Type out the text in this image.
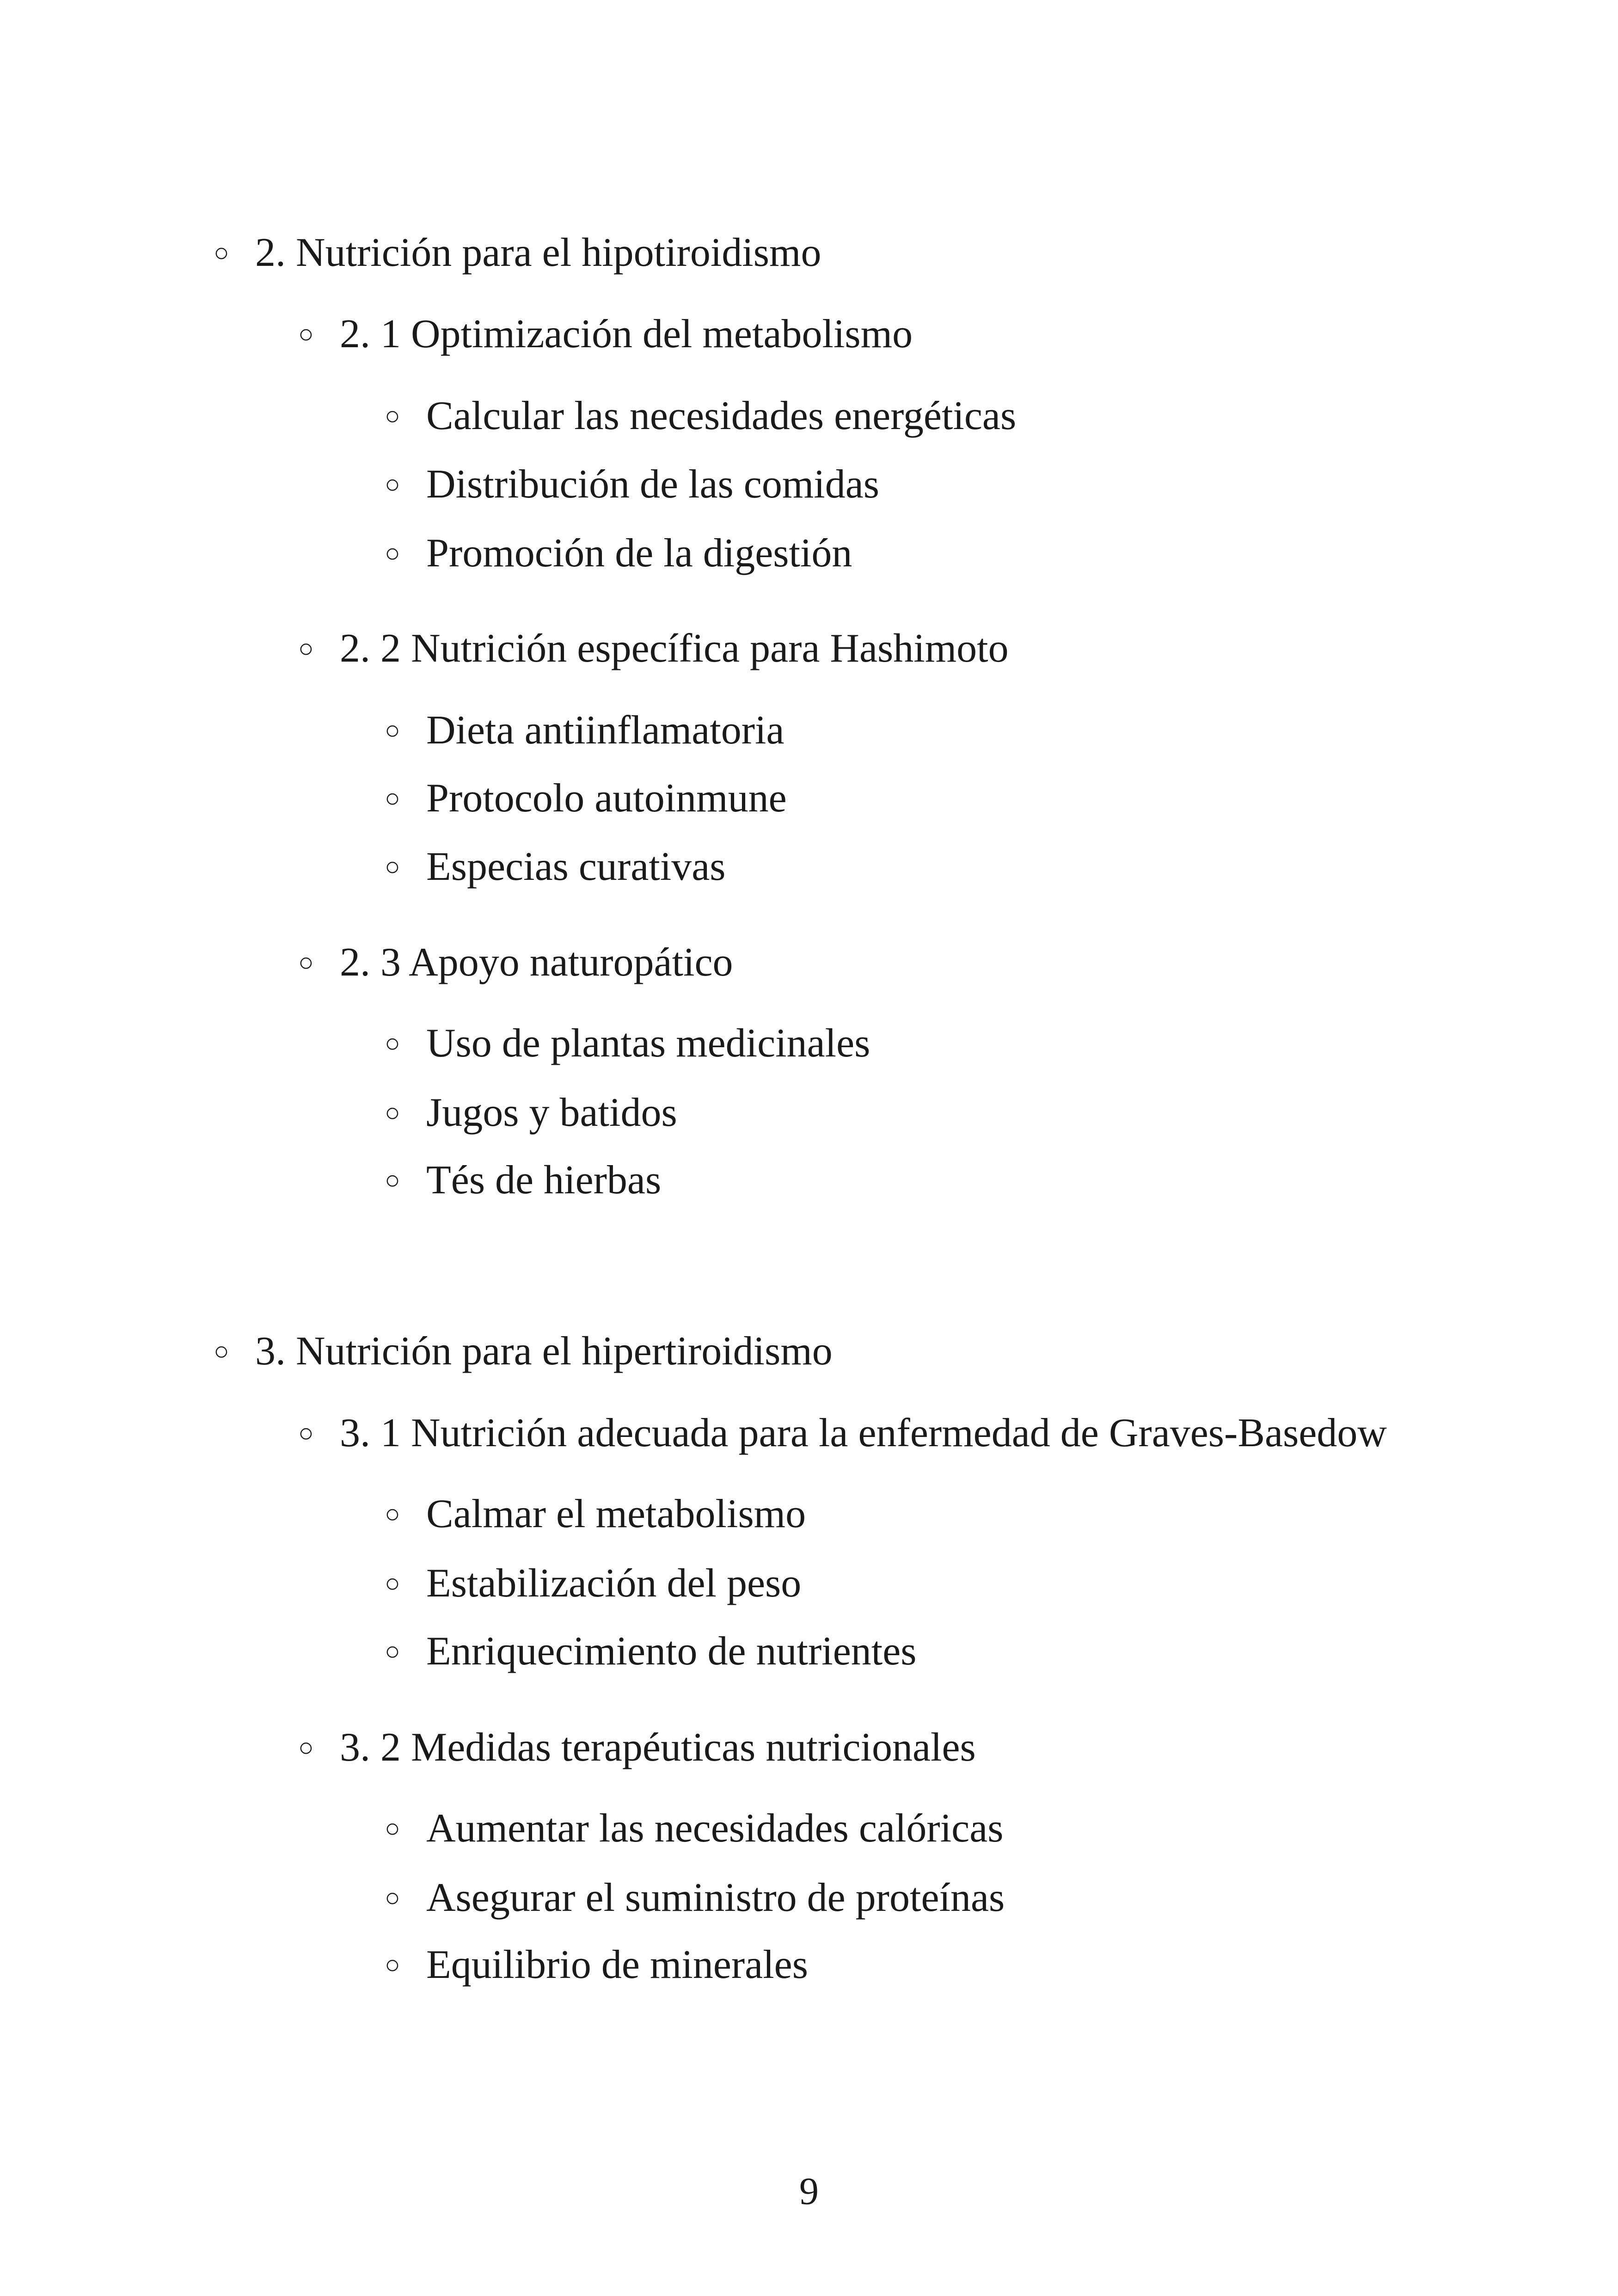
○ 2. Nutrición para el hipotiroidismo
○ 2. 1 Optimización del metabolismo
○ Calcular las necesidades energéticas
○ Distribución de las comidas
○ Promoción de la digestión
○ 2. 2 Nutrición específica para Hashimoto
○ Dieta antiinflamatoria
○ Protocolo autoinmune
○ Especias curativas
○ 2. 3 Apoyo naturopático
○ Uso de plantas medicinales
○ Jugos y batidos
○ Tés de hierbas
○ 3. Nutrición para el hipertiroidismo
○ 3. 1 Nutrición adecuada para la enfermedad de Graves-Basedow
○ Calmar el metabolismo
○ Estabilización del peso
○ Enriquecimiento de nutrientes
○ 3. 2 Medidas terapéuticas nutricionales
○ Aumentar las necesidades calóricas
○ Asegurar el suministro de proteínas
○ Equilibrio de minerales
9
